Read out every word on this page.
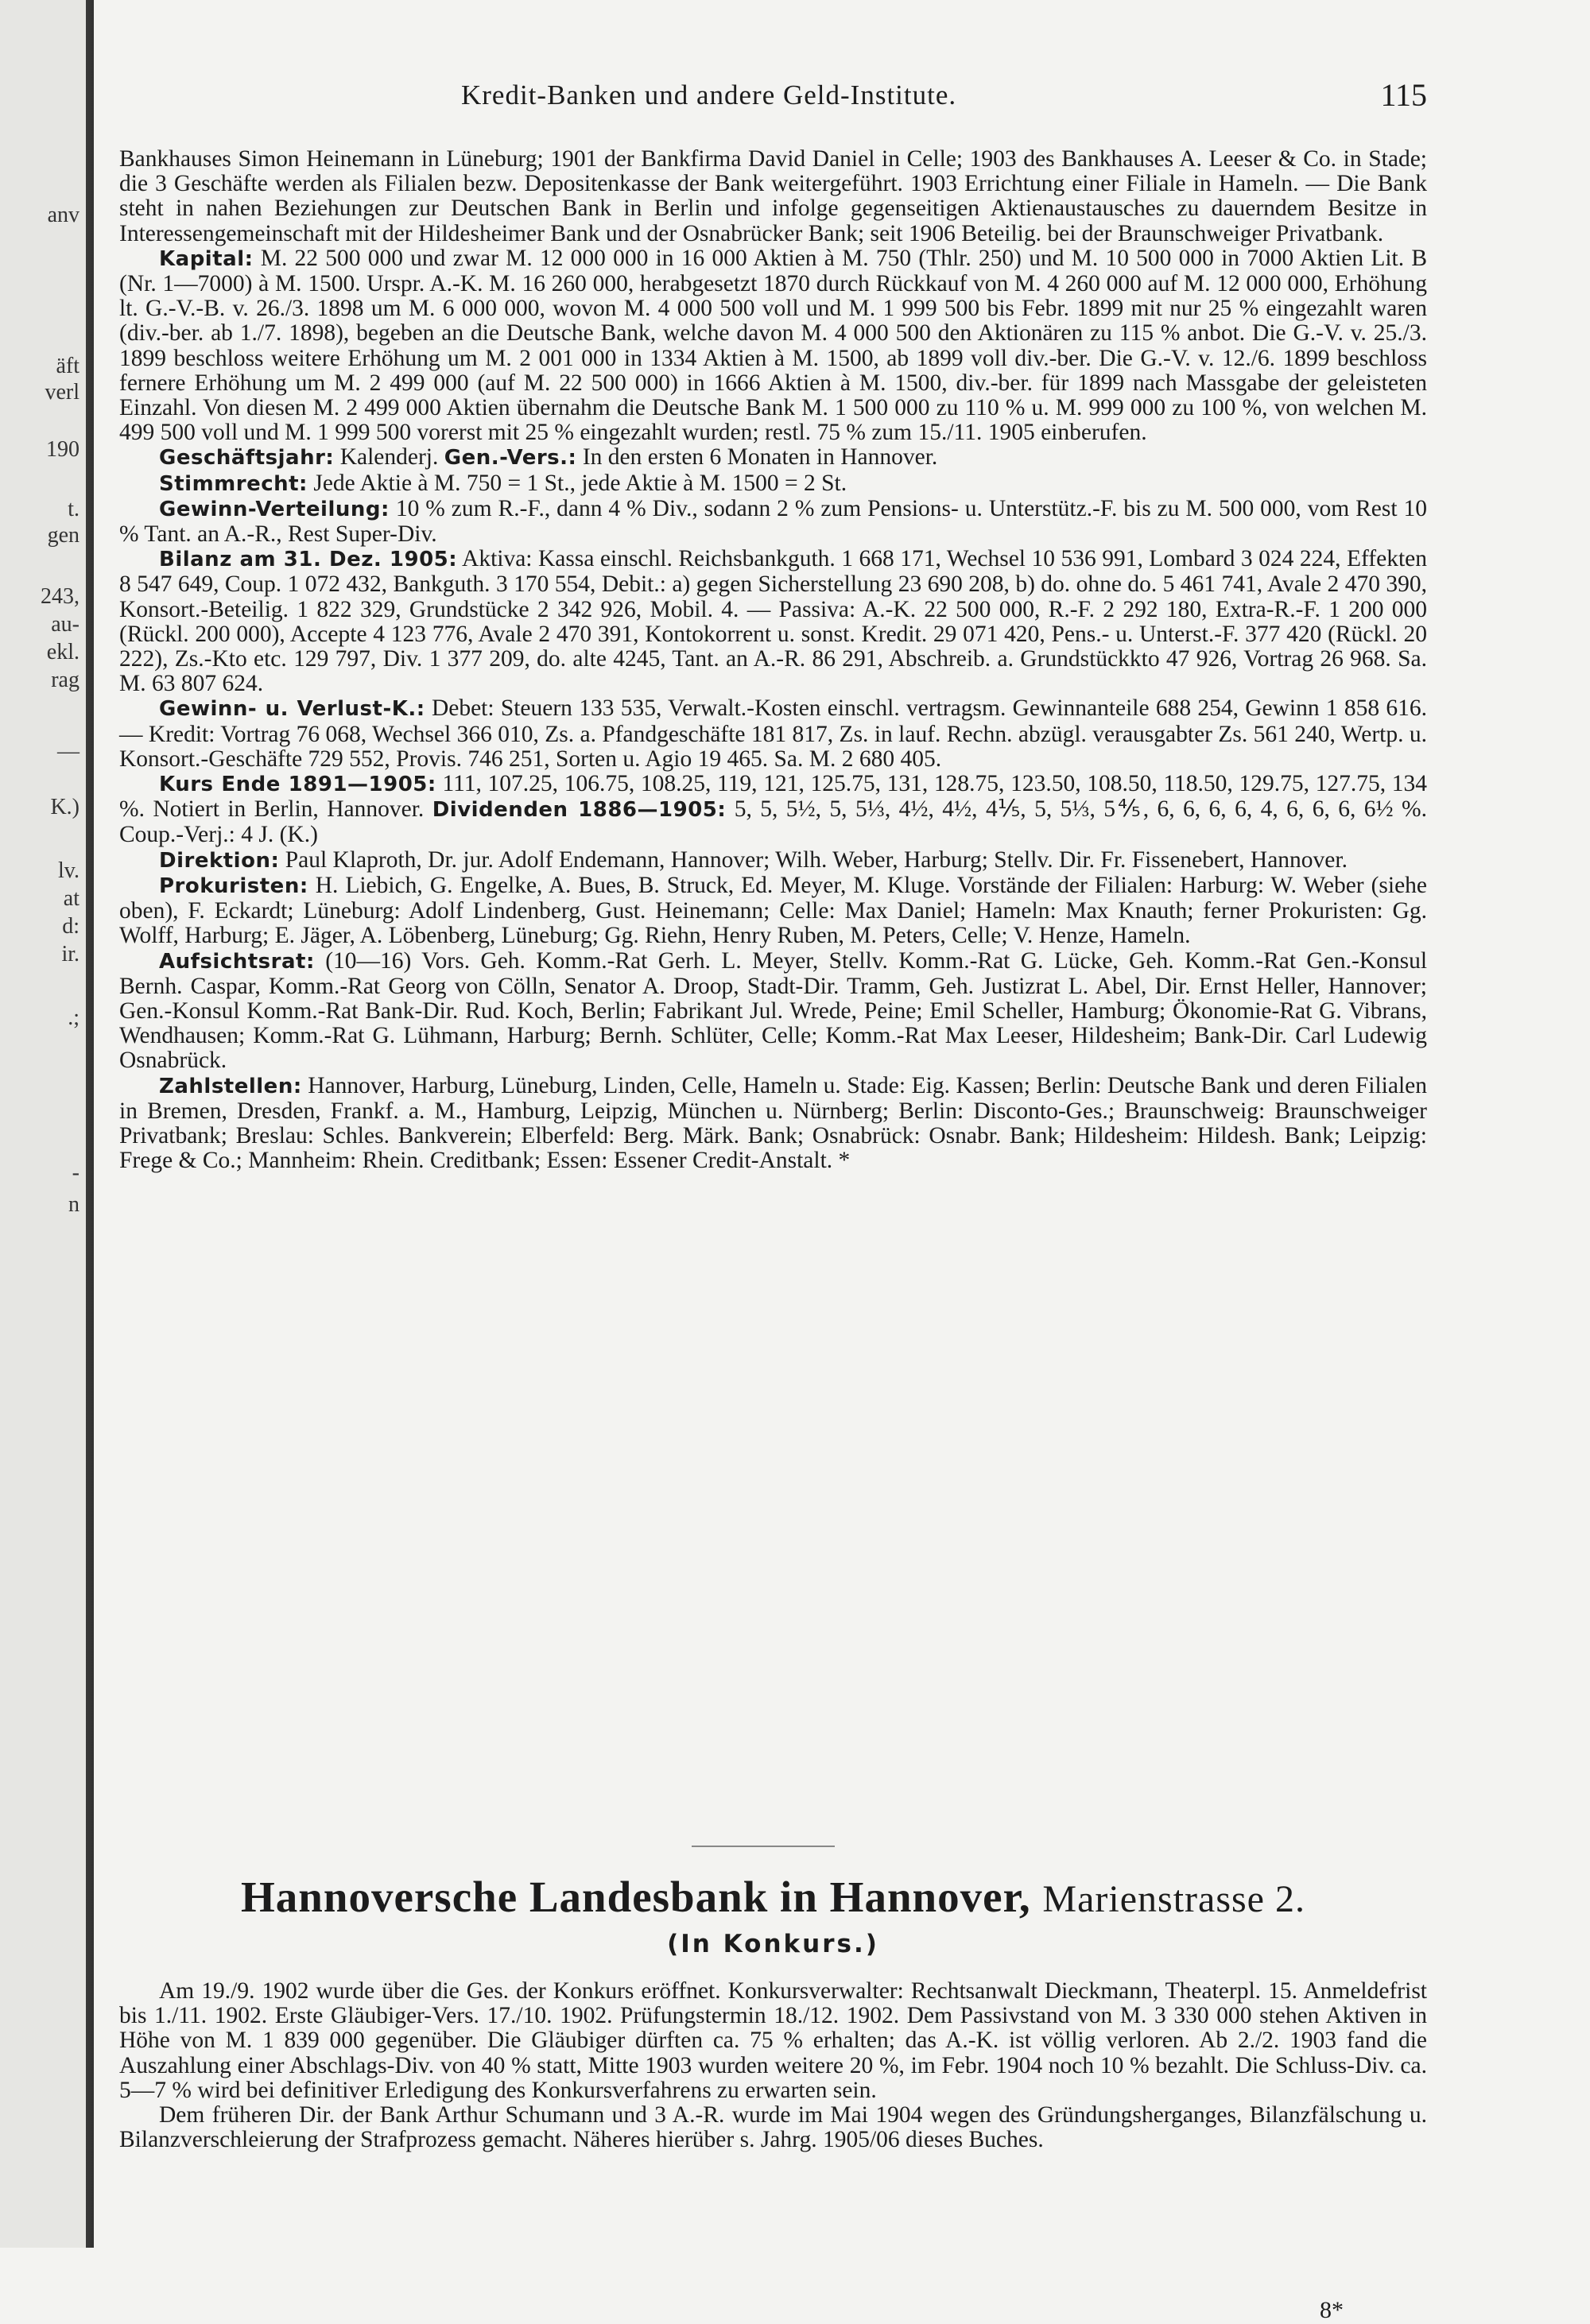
anv
äft
verl
190
t.
gen
243,
au-
ekl.
rag
—
K.)
lv.
at
d:
ir.
.;
-
n
Kredit-Banken und andere Geld-Institute.	115

Bankhauses Simon Heinemann in Lüneburg; 1901 der Bankfirma David Daniel in Celle; 1903 des Bankhauses A. Leeser & Co. in Stade; die 3 Geschäfte werden als Filialen bezw. Depositenkasse der Bank weitergeführt. 1903 Errichtung einer Filiale in Hameln. — Die Bank steht in nahen Beziehungen zur Deutschen Bank in Berlin und infolge gegenseitigen Aktienaustausches zu dauerndem Besitze in Interessengemeinschaft mit der Hildesheimer Bank und der Osnabrücker Bank; seit 1906 Beteilig. bei der Braunschweiger Privatbank.

Kapital: M. 22 500 000 und zwar M. 12 000 000 in 16 000 Aktien à M. 750 (Thlr. 250) und M. 10 500 000 in 7000 Aktien Lit. B (Nr. 1—7000) à M. 1500. Urspr. A.-K. M. 16 260 000, herabgesetzt 1870 durch Rückkauf von M. 4 260 000 auf M. 12 000 000, Erhöhung lt. G.-V.-B. v. 26./3. 1898 um M. 6 000 000, wovon M. 4 000 500 voll und M. 1 999 500 bis Febr. 1899 mit nur 25 % eingezahlt waren (div.-ber. ab 1./7. 1898), begeben an die Deutsche Bank, welche davon M. 4 000 500 den Aktionären zu 115 % anbot. Die G.-V. v. 25./3. 1899 beschloss weitere Erhöhung um M. 2 001 000 in 1334 Aktien à M. 1500, ab 1899 voll div.-ber. Die G.-V. v. 12./6. 1899 beschloss fernere Erhöhung um M. 2 499 000 (auf M. 22 500 000) in 1666 Aktien à M. 1500, div.-ber. für 1899 nach Massgabe der geleisteten Einzahl. Von diesen M. 2 499 000 Aktien übernahm die Deutsche Bank M. 1 500 000 zu 110 % u. M. 999 000 zu 100 %, von welchen M. 499 500 voll und M. 1 999 500 vorerst mit 25 % eingezahlt wurden; restl. 75 % zum 15./11. 1905 einberufen.

Geschäftsjahr: Kalenderj. Gen.-Vers.: In den ersten 6 Monaten in Hannover.

Stimmrecht: Jede Aktie à M. 750 = 1 St., jede Aktie à M. 1500 = 2 St.

Gewinn-Verteilung: 10 % zum R.-F., dann 4 % Div., sodann 2 % zum Pensions- u. Unterstütz.-F. bis zu M. 500 000, vom Rest 10 % Tant. an A.-R., Rest Super-Div.

Bilanz am 31. Dez. 1905: Aktiva: Kassa einschl. Reichsbankguth. 1 668 171, Wechsel 10 536 991, Lombard 3 024 224, Effekten 8 547 649, Coup. 1 072 432, Bankguth. 3 170 554, Debit.: a) gegen Sicherstellung 23 690 208, b) do. ohne do. 5 461 741, Avale 2 470 390, Konsort.-Beteilig. 1 822 329, Grundstücke 2 342 926, Mobil. 4. — Passiva: A.-K. 22 500 000, R.-F. 2 292 180, Extra-R.-F. 1 200 000 (Rückl. 200 000), Accepte 4 123 776, Avale 2 470 391, Kontokorrent u. sonst. Kredit. 29 071 420, Pens.- u. Unterst.-F. 377 420 (Rückl. 20 222), Zs.-Kto etc. 129 797, Div. 1 377 209, do. alte 4245, Tant. an A.-R. 86 291, Abschreib. a. Grundstückkto 47 926, Vortrag 26 968. Sa. M. 63 807 624.

Gewinn- u. Verlust-K.: Debet: Steuern 133 535, Verwalt.-Kosten einschl. vertragsm. Gewinnanteile 688 254, Gewinn 1 858 616. — Kredit: Vortrag 76 068, Wechsel 366 010, Zs. a. Pfandgeschäfte 181 817, Zs. in lauf. Rechn. abzügl. verausgabter Zs. 561 240, Wertp. u. Konsort.-Geschäfte 729 552, Provis. 746 251, Sorten u. Agio 19 465. Sa. M. 2 680 405.

Kurs Ende 1891—1905: 111, 107.25, 106.75, 108.25, 119, 121, 125.75, 131, 128.75, 123.50, 108.50, 118.50, 129.75, 127.75, 134 %. Notiert in Berlin, Hannover. Dividenden 1886—1905: 5, 5, 5½, 5, 5⅓, 4½, 4½, 4⅕, 5, 5⅓, 5⅘, 6, 6, 6, 6, 4, 6, 6, 6, 6½ %. Coup.-Verj.: 4 J. (K.)

Direktion: Paul Klaproth, Dr. jur. Adolf Endemann, Hannover; Wilh. Weber, Harburg; Stellv. Dir. Fr. Fissenebert, Hannover.

Prokuristen: H. Liebich, G. Engelke, A. Bues, B. Struck, Ed. Meyer, M. Kluge. Vorstände der Filialen: Harburg: W. Weber (siehe oben), F. Eckardt; Lüneburg: Adolf Lindenberg, Gust. Heinemann; Celle: Max Daniel; Hameln: Max Knauth; ferner Prokuristen: Gg. Wolff, Harburg; E. Jäger, A. Löbenberg, Lüneburg; Gg. Riehn, Henry Ruben, M. Peters, Celle; V. Henze, Hameln.

Aufsichtsrat: (10—16) Vors. Geh. Komm.-Rat Gerh. L. Meyer, Stellv. Komm.-Rat G. Lücke, Geh. Komm.-Rat Gen.-Konsul Bernh. Caspar, Komm.-Rat Georg von Cölln, Senator A. Droop, Stadt-Dir. Tramm, Geh. Justizrat L. Abel, Dir. Ernst Heller, Hannover; Gen.-Konsul Komm.-Rat Bank-Dir. Rud. Koch, Berlin; Fabrikant Jul. Wrede, Peine; Emil Scheller, Hamburg; Ökonomie-Rat G. Vibrans, Wendhausen; Komm.-Rat G. Lühmann, Harburg; Bernh. Schlüter, Celle; Komm.-Rat Max Leeser, Hildesheim; Bank-Dir. Carl Ludewig Osnabrück.

Zahlstellen: Hannover, Harburg, Lüneburg, Linden, Celle, Hameln u. Stade: Eig. Kassen; Berlin: Deutsche Bank und deren Filialen in Bremen, Dresden, Frankf. a. M., Hamburg, Leipzig, München u. Nürnberg; Berlin: Disconto-Ges.; Braunschweig: Braunschweiger Privatbank; Breslau: Schles. Bankverein; Elberfeld: Berg. Märk. Bank; Osnabrück: Osnabr. Bank; Hildesheim: Hildesh. Bank; Leipzig: Frege & Co.; Mannheim: Rhein. Creditbank; Essen: Essener Credit-Anstalt. *

Hannoversche Landesbank in Hannover, Marienstrasse 2.
(In Konkurs.)

Am 19./9. 1902 wurde über die Ges. der Konkurs eröffnet. Konkursverwalter: Rechtsanwalt Dieckmann, Theaterpl. 15. Anmeldefrist bis 1./11. 1902. Erste Gläubiger-Vers. 17./10. 1902. Prüfungstermin 18./12. 1902. Dem Passivstand von M. 3 330 000 stehen Aktiven in Höhe von M. 1 839 000 gegenüber. Die Gläubiger dürften ca. 75 % erhalten; das A.-K. ist völlig verloren. Ab 2./2. 1903 fand die Auszahlung einer Abschlags-Div. von 40 % statt, Mitte 1903 wurden weitere 20 %, im Febr. 1904 noch 10 % bezahlt. Die Schluss-Div. ca. 5—7 % wird bei definitiver Erledigung des Konkursverfahrens zu erwarten sein.

Dem früheren Dir. der Bank Arthur Schumann und 3 A.-R. wurde im Mai 1904 wegen des Gründungsherganges, Bilanzfälschung u. Bilanzverschleierung der Strafprozess gemacht. Näheres hierüber s. Jahrg. 1905/06 dieses Buches.

8*
